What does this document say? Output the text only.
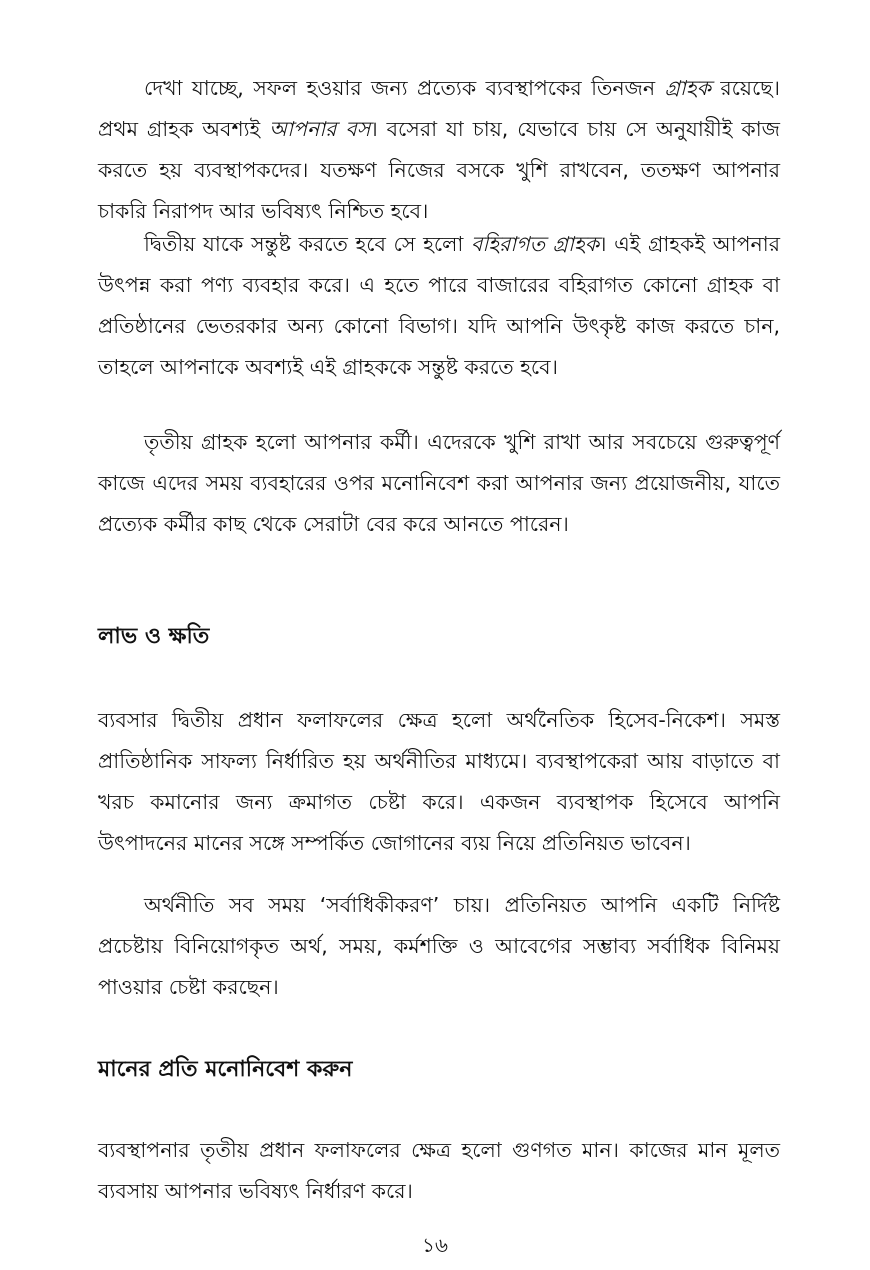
দেখা যাচ্ছে, সফল হওয়ার জন্য প্রত্যেক ব্যবস্থাপকের তিনজন গ্রাহক রয়েছে। প্রথম গ্রাহক অবশ্যই আপনার বস। বসেরা যা চায়, যেভাবে চায় সে অনুযায়ীই কাজ করতে হয় ব্যবস্থাপকদের। যতক্ষণ নিজের বসকে খুশি রাখবেন, ততক্ষণ আপনার চাকরি নিরাপদ আর ভবিষ্যৎ নিশ্চিত হবে।

দ্বিতীয় যাকে সন্তুষ্ট করতে হবে সে হলো বহিরাগত গ্রাহক। এই গ্রাহকই আপনার উৎপন্ন করা পণ্য ব্যবহার করে। এ হতে পারে বাজারের বহিরাগত কোনো গ্রাহক বা প্রতিষ্ঠানের ভেতরকার অন্য কোনো বিভাগ। যদি আপনি উৎকৃষ্ট কাজ করতে চান, তাহলে আপনাকে অবশ্যই এই গ্রাহককে সন্তুষ্ট করতে হবে।

তৃতীয় গ্রাহক হলো আপনার কর্মী। এদেরকে খুশি রাখা আর সবচেয়ে গুরুত্বপূর্ণ কাজে এদের সময় ব্যবহারের ওপর মনোনিবেশ করা আপনার জন্য প্রয়োজনীয়, যাতে প্রত্যেক কর্মীর কাছ থেকে সেরাটা বের করে আনতে পারেন।

লাভ ও ক্ষতি

ব্যবসার দ্বিতীয় প্রধান ফলাফলের ক্ষেত্র হলো অর্থনৈতিক হিসেব-নিকেশ। সমস্ত প্রাতিষ্ঠানিক সাফল্য নির্ধারিত হয় অর্থনীতির মাধ্যমে। ব্যবস্থাপকেরা আয় বাড়াতে বা খরচ কমানোর জন্য ক্রমাগত চেষ্টা করে। একজন ব্যবস্থাপক হিসেবে আপনি উৎপাদনের মানের সঙ্গে সম্পর্কিত জোগানের ব্যয় নিয়ে প্রতিনিয়ত ভাবেন।

অর্থনীতি সব সময় ‘সর্বাধিকীকরণ’ চায়। প্রতিনিয়ত আপনি একটি নির্দিষ্ট প্রচেষ্টায় বিনিয়োগকৃত অর্থ, সময়, কর্মশক্তি ও আবেগের সম্ভাব্য সর্বাধিক বিনিময় পাওয়ার চেষ্টা করছেন।

মানের প্রতি মনোনিবেশ করুন

ব্যবস্থাপনার তৃতীয় প্রধান ফলাফলের ক্ষেত্র হলো গুণগত মান। কাজের মান মূলত ব্যবসায় আপনার ভবিষ্যৎ নির্ধারণ করে।

১৬
